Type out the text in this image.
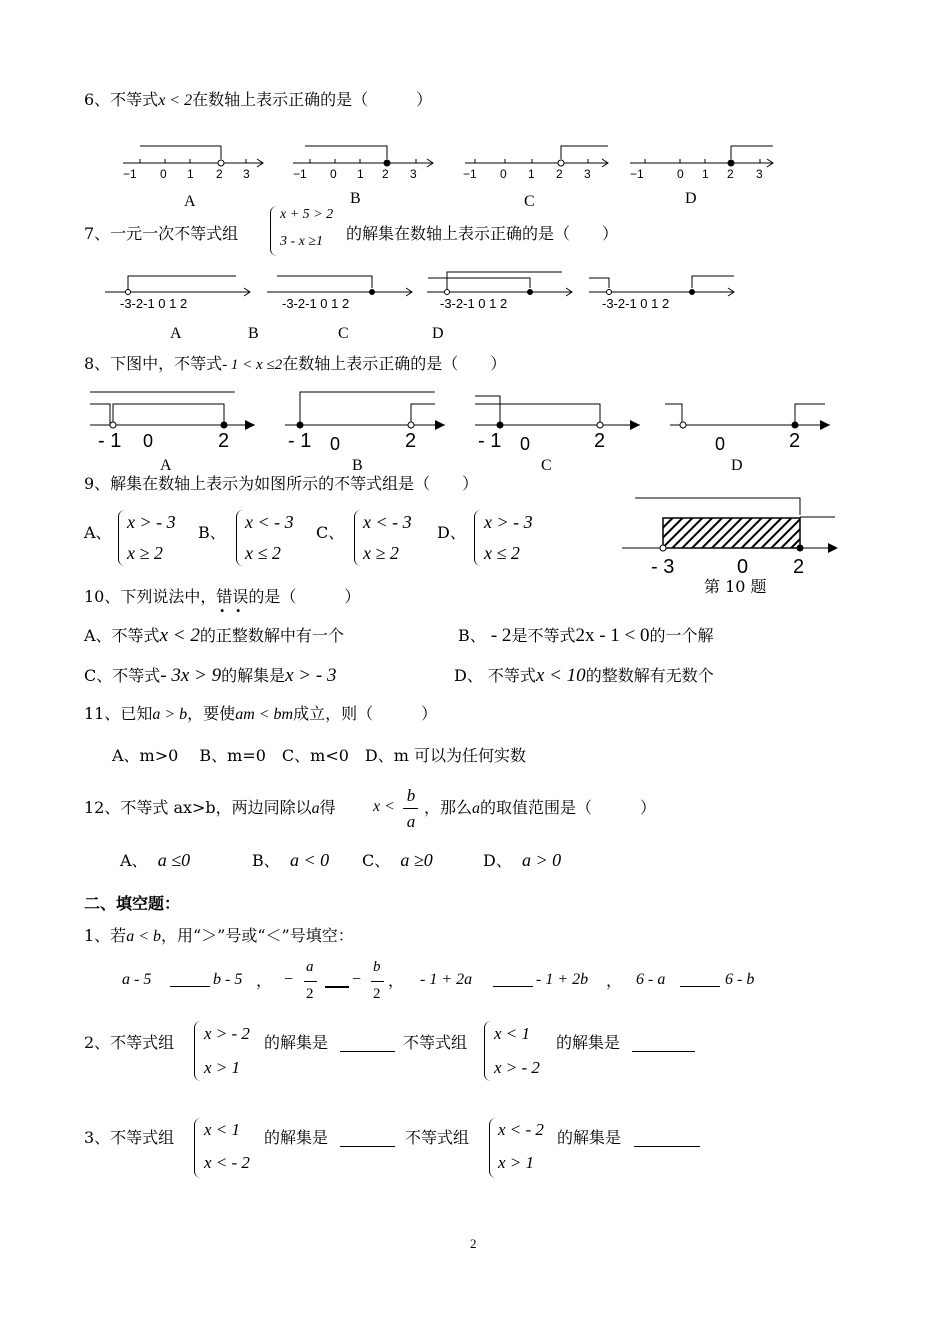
6、不等式x < 2在数轴上表示正确的是（　　　）
−1 0 1 2 3	−1 0 1 2 3	−1 0 1 2 3	−1	0 1 2 3
A	B	C	D
7、一元一次不等式组
x + 5 > 2
3 - x ≥1 的解集在数轴上表示正确的是（　　）
-3-2-1 0 1 2	-3-2-1 0 1 2	-3-2-1 0 1 2	-3-2-1 0 1 2
A	B	C	D
8、下图中，不等式- 1 < x ≤2在数轴上表示正确的是（　　）
- 1 0	2	- 1 0	2	- 1 0	2	0	2
A	B	C	D
9、解集在数轴上表示为如图所示的不等式组是（　　）
A、
x > - 3
x ≥ 2
B、
x < - 3
x ≤ 2
C、
x < - 3
x ≥ 2
D、
x > - 3
x ≤ 2
- 3	0 2
第 10 题
10、下列说法中，错误
· ·
的是（　　　）
A、不等式x < 2的正整数解中有一个	B、 - 2是不等式2x - 1 < 0的一个解
C、不等式- 3x > 9的解集是x > - 3	D、 不等式x < 10的整数解有无数个
11、已知a > b，要使am < bm成立，则（　　　）
A、m>0　 B、m=0　C、m<0　D、m 可以为任何实数
12、不等式 ax>b，两边同除以a得 x <
b
a
，那么a的取值范围是（　　　）
A、 a ≤0	B、 a < 0 C、 a ≥0	D、 a > 0
二、填空题：
1、若a < b，用“＞”号或“＜”号填空：
a - 5	b - 5 ， −
a
2
−
b
2
， - 1 + 2a	- 1 + 2b ， 6 - a	6 - b
2、不等式组 x > - 2
x > 1
的解集是	不等式组 x < 1
x > - 2
的解集是
3、不等式组 x < 1
x < - 2
的解集是	不等式组 x < - 2
x > 1
的解集是
2
